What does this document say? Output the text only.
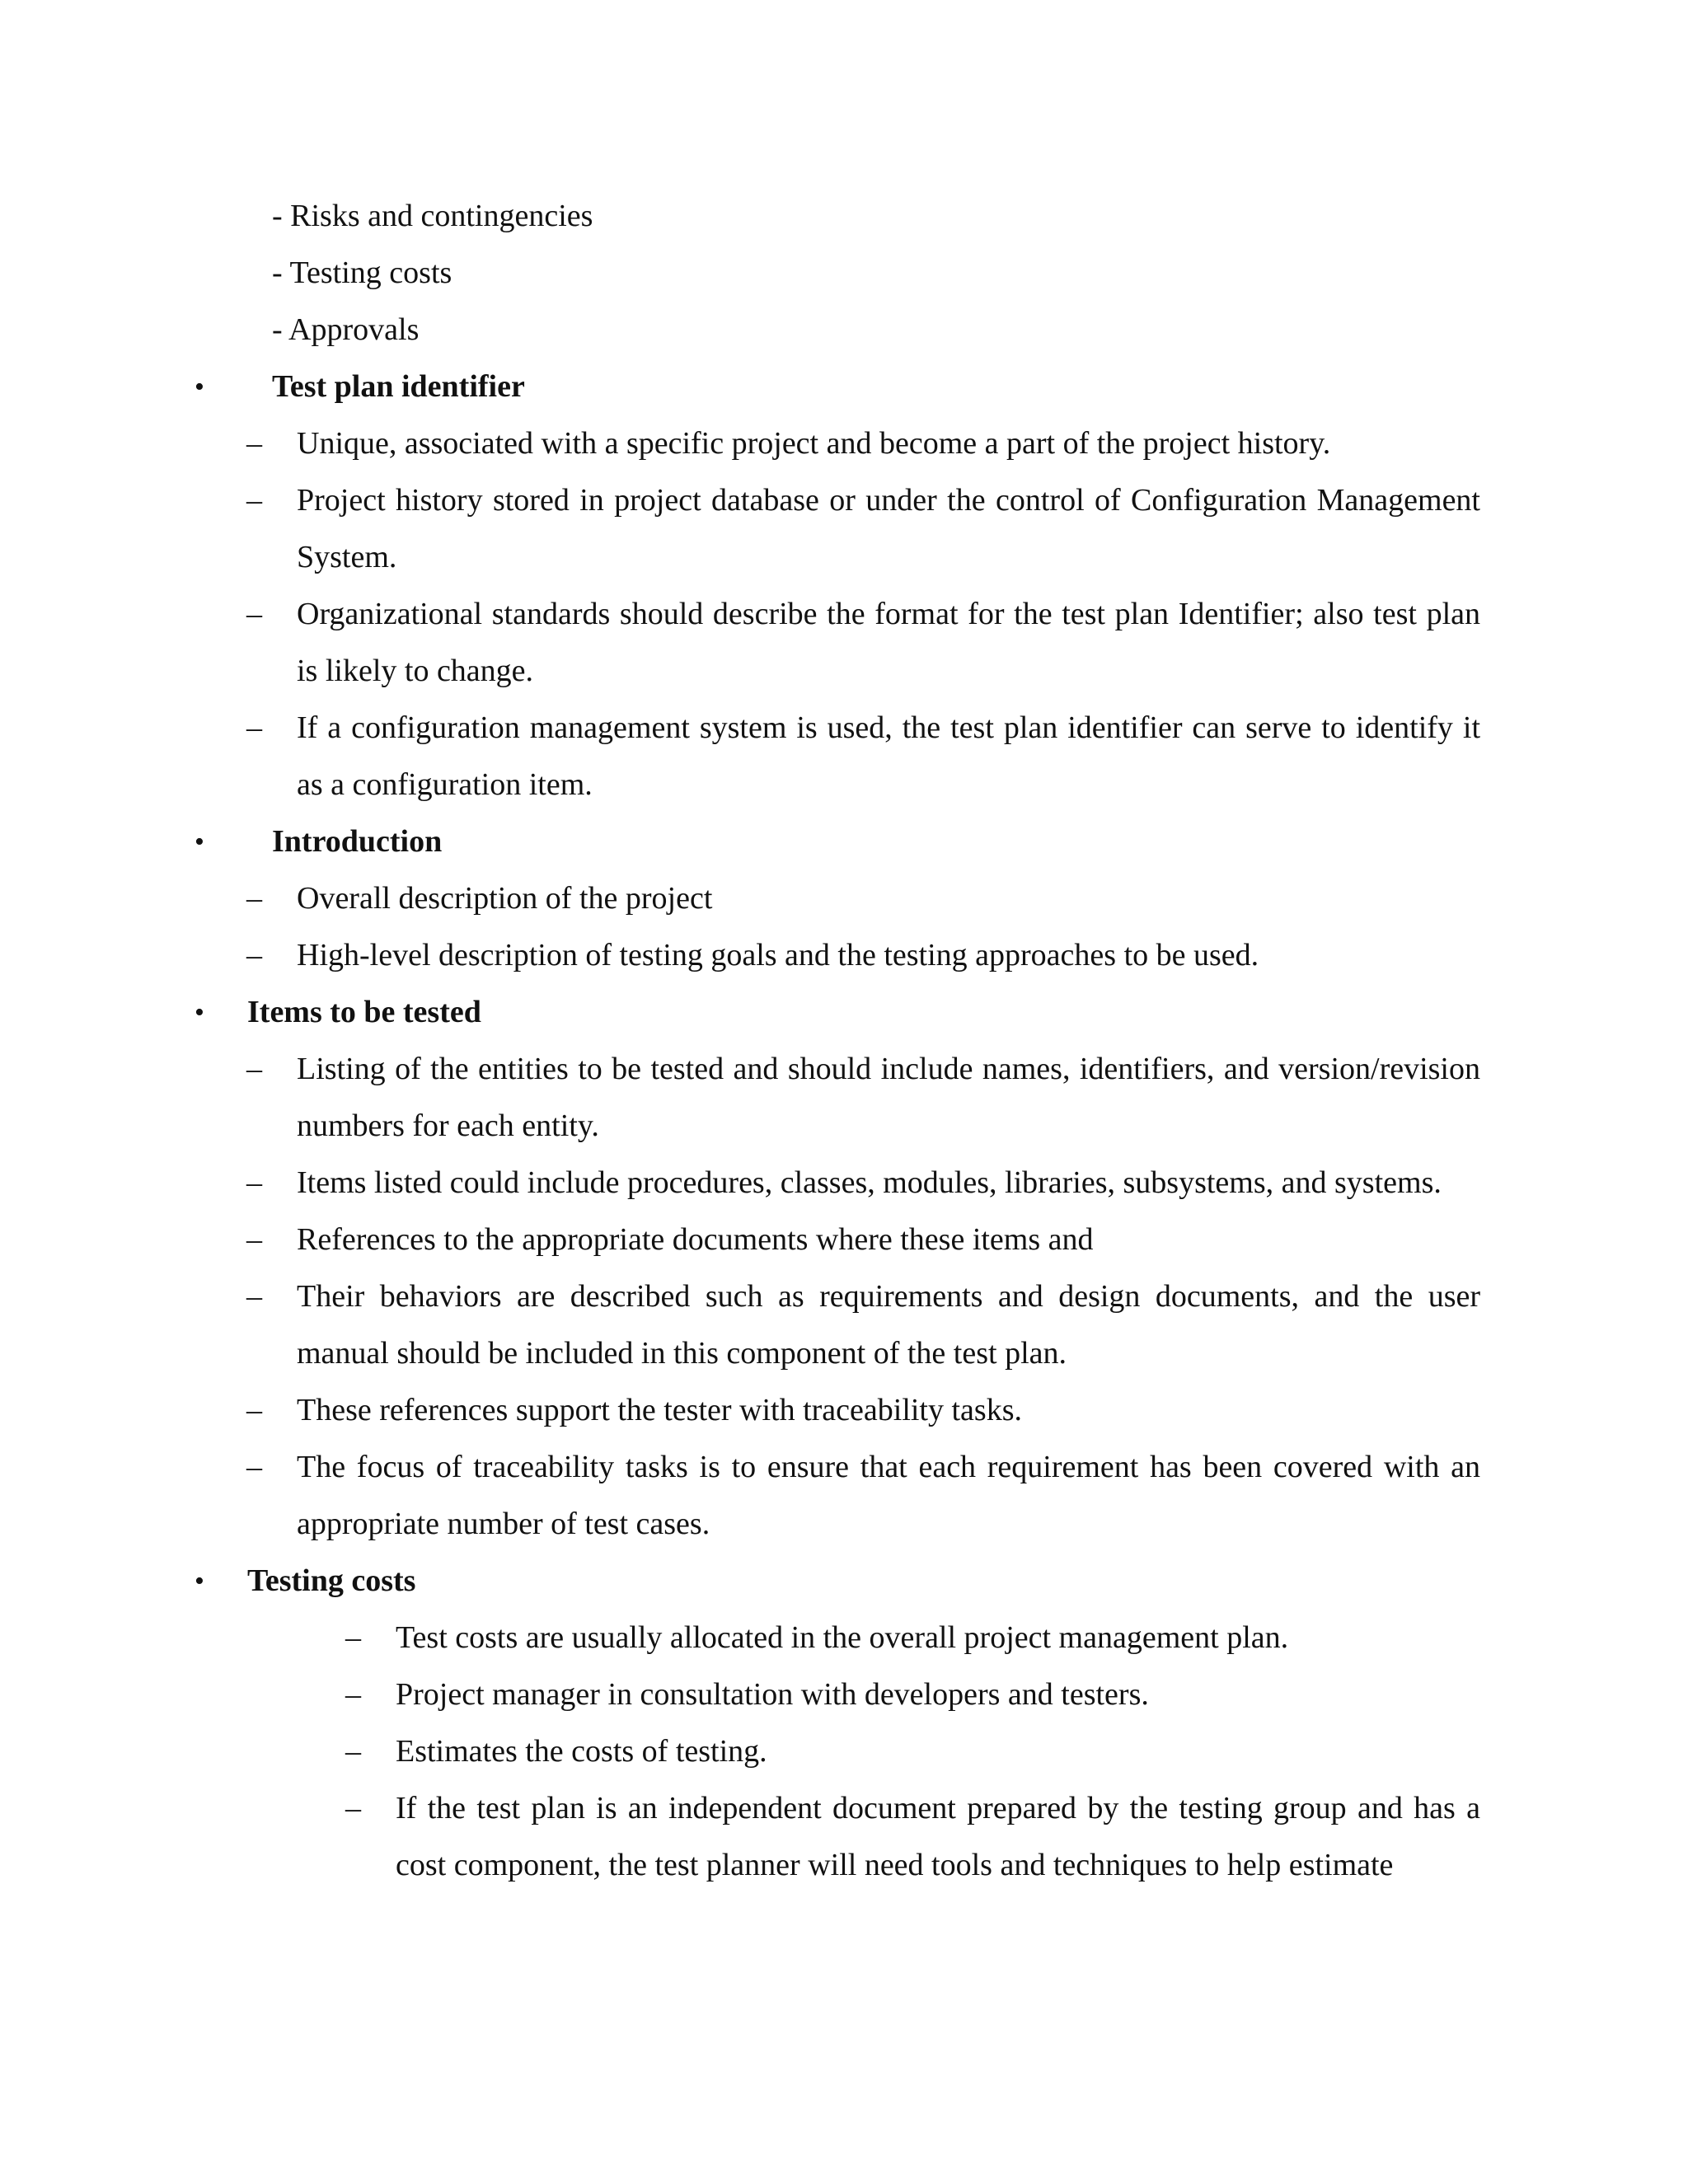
- Risks and contingencies
- Testing costs
- Approvals
• Test plan identifier
– Unique, associated with a specific project and become a part of the project history.
– Project history stored in project database or under the control of Configuration Management System.
– Organizational standards should describe the format for the test plan Identifier; also test plan is likely to change.
– If a configuration management system is used, the test plan identifier can serve to identify it as a configuration item.
• Introduction
– Overall description of the project
– High-level description of testing goals and the testing approaches to be used.
• Items to be tested
– Listing of the entities to be tested and should include names, identifiers, and version/revision numbers for each entity.
– Items listed could include procedures, classes, modules, libraries, subsystems, and systems.
– References to the appropriate documents where these items and
– Their behaviors are described such as requirements and design documents, and the user manual should be included in this component of the test plan.
– These references support the tester with traceability tasks.
– The focus of traceability tasks is to ensure that each requirement has been covered with an appropriate number of test cases.
• Testing costs
– Test costs are usually allocated in the overall project management plan.
– Project manager in consultation with developers and testers.
– Estimates the costs of testing.
– If the test plan is an independent document prepared by the testing group and has a cost component, the test planner will need tools and techniques to help estimate
